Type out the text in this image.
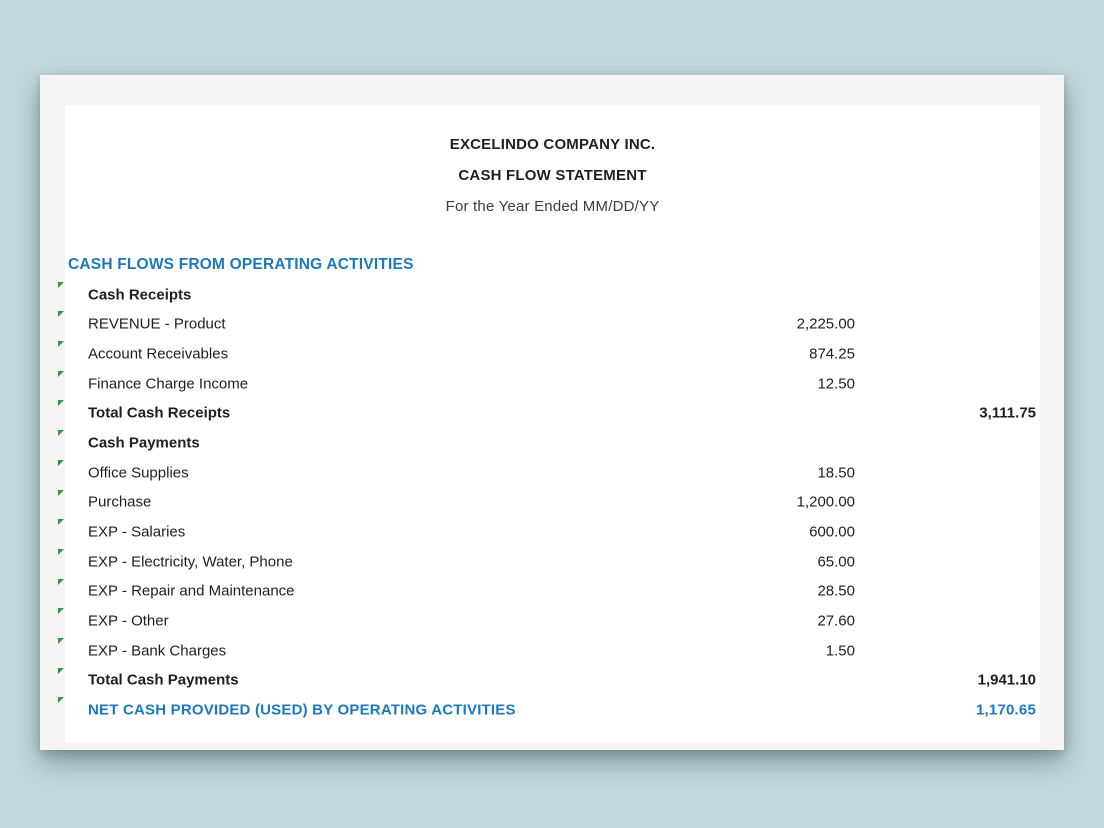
EXCELINDO COMPANY INC.
CASH FLOW STATEMENT
For the Year Ended MM/DD/YY
CASH FLOWS FROM OPERATING ACTIVITIES
Cash Receipts
REVENUE - Product	2,225.00
Account Receivables	874.25
Finance Charge Income	12.50
Total Cash Receipts	3,111.75
Cash Payments
Office Supplies	18.50
Purchase	1,200.00
EXP - Salaries	600.00
EXP - Electricity, Water, Phone	65.00
EXP - Repair and Maintenance	28.50
EXP - Other	27.60
EXP - Bank Charges	1.50
Total Cash Payments	1,941.10
NET CASH PROVIDED (USED) BY OPERATING ACTIVITIES	1,170.65
